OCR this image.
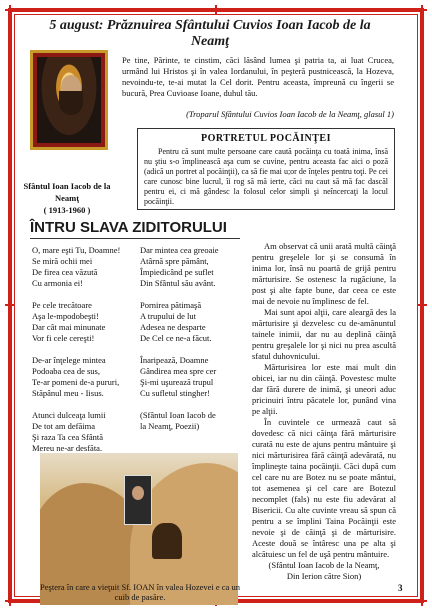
5 august: Prăznuirea Sfântului Cuvios Ioan Iacob de la Neamţ
Sfântul Ioan Iacob de la Neamţ
( 1913-1960 )
Pe tine, Părinte, te cinstim, căci lăsând lumea şi patria ta, ai luat Crucea, urmând lui Hristos şi în valea Iordanului, în peşteră pustnicească, la Hozeva, nevoindu-te, te-ai mutat la Cel dorit. Pentru aceasta, împreună cu îngerii se bucură, Prea Cuvioase Ioane, duhul tău.
(Troparul Sfântului Cuvios Ioan Iacob de la Neamţ, glasul 1)
PORTRETUL POCĂINŢEI
Pentru că sunt multe persoane care caută pocăinţa cu toată inima, însă nu ştiu s-o împlinească aşa cum se cuvine, pentru aceasta fac aici o poză (adică un portret al pocăinţii), ca să fie mai u;or de înţeles pentru toţi. Pe cei care cunosc bine lucrul, îi rog să mă ierte, căci nu caut să mă fac dascăl pentru ei, ci mă gândesc la folosul celor simpli şi neîncercaţi la locul pocăinţii.
ÎNTRU SLAVA ZIDITORULUI

O, mare eşti Tu, Doamne!
Se miră ochii mei
De firea cea văzută
Cu armonia ei!

Pe cele trecătoare
Aşa le-mpodobeşti!
Dar cât mai minunate
Vor fi cele cereşti!

De-ar înţelege mintea
Podoaba cea de sus,
Te-ar pomeni de-a pururi,
Stăpânul meu - Iisus.

Atunci dulceaţa lumii
De tot am defăima
Şi raza Ta cea Sfântă
Mereu ne-ar desfăta.

Dar mintea cea greoaie
Atârnă spre pământ,
Împiedicând pe suflet
Din Sfântul său avânt.

Pornirea pătimaşă
A trupului de lut
Adesea ne desparte
De Cel ce ne-a făcut.

Înaripează, Doamne
Gândirea mea spre cer
Şi-mi uşurează trupul
Cu sufletul stingher!

(Sfântul Ioan Iacob de
la Neamţ, Poezii)

Am observat că unii arată multă căinţă pentru greşelele lor şi se consumă în inima lor, însă nu poartă de grijă pentru mărturisire. Se ostenesc la rugăciune, la post şi alte fapte bune, dar ceea ce este mai de nevoie nu împlinesc de fel.

Mai sunt apoi alţii, care aleargă des la mărturisire şi dezvelesc cu de-amănuntul tainele inimii, dar nu au deplină căinţă pentru greşalele lor şi nici nu prea ascultă sfatul duhovnicului.

Mărturisirea lor este mai mult din obicei, iar nu din căinţă. Povestesc multe dar fără durere de inimă, şi uneori aduc pricinuiri întru păcatele lor, punând vina pe alţii.

În cuvintele ce urmează caut să dovedesc că nici căinţa fără mărturisire curată nu este de ajuns pentru mântuire şi nici mărturisirea fără căinţă adevărată, nu împlineşte taina pocăinţii. Căci după cum cel care nu are Botez nu se poate mântui, tot asemenea şi cel care are Botezul necomplet (fals) nu este fiu adevărat al Bisericii. Cu alte cuvinte vreau să spun că pentru a se împlini Taina Pocăinţii este nevoie şi de căinţă şi de mărturisire. Aceste două se întâresc una pe alta şi alcătuiesc un fel de uşă pentru mântuire.

(Sfântul Ioan Iacob de la Neamţ,

Din Ierion către Sion)

Peştera în care a vieţuit Sf. IOAN în valea Hozevei e ca un cuib de pasăre.
3
